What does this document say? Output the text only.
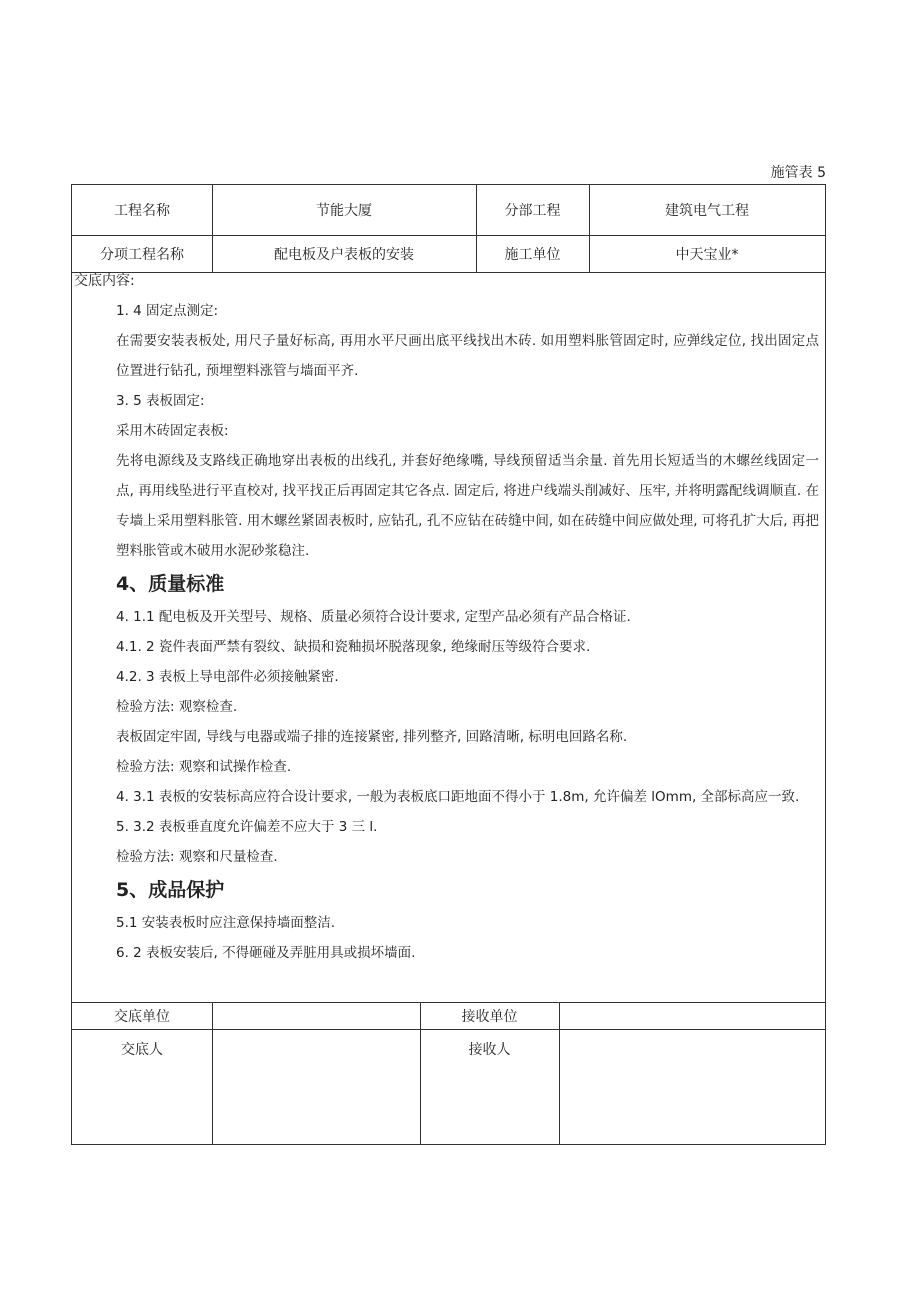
施管表 5
工程名称	节能大厦	分部工程	建筑电气工程
分项工程名称	配电板及户表板的安装	施工单位	中天宝业*
交底内容:

1. 4 固定点测定:

在需要安装表板处, 用尺子量好标高, 再用水平尺画出底平线找出木砖. 如用塑料胀管固定时, 应弹线定位, 找出固定点位置进行钻孔, 预埋塑料涨管与墙面平齐.

3. 5 表板固定:

采用木砖固定表板:

先将电源线及支路线正确地穿出表板的出线孔, 并套好绝缘嘴, 导线预留适当余量. 首先用长短适当的木螺丝线固定一点, 再用线坠进行平直校对, 找平找正后再固定其它各点. 固定后, 将进户线端头削减好、压牢, 并将明露配线调顺直. 在专墙上采用塑料胀管. 用木螺丝紧固表板时, 应钻孔, 孔不应钻在砖缝中间, 如在砖缝中间应做处理, 可将孔扩大后, 再把塑料胀管或木破用水泥砂浆稳注.

4、质量标准

4. 1.1 配电板及开关型号、规格、质量必须符合设计要求, 定型产品必须有产品合格证.

4.1. 2 瓷件表面严禁有裂纹、缺损和瓷釉损坏脱落现象, 绝缘耐压等级符合要求.

4.2. 3 表板上导电部件必须接触紧密.

检验方法: 观察检查.

表板固定牢固, 导线与电器或端子排的连接紧密, 排列整齐, 回路清晰, 标明电回路名称.

检验方法: 观察和试操作检查.

4. 3.1 表板的安装标高应符合设计要求, 一般为表板底口距地面不得小于 1.8m, 允许偏差 lOmm, 全部标高应一致.

5. 3.2 表板垂直度允许偏差不应大于 3 三 l.

检验方法: 观察和尺量检查.

5、成品保护

5.1 安装表板时应注意保持墙面整洁.

6. 2 表板安装后, 不得砸碰及弄脏用具或损坏墙面.

交底单位	接收单位
交底人	接收人
